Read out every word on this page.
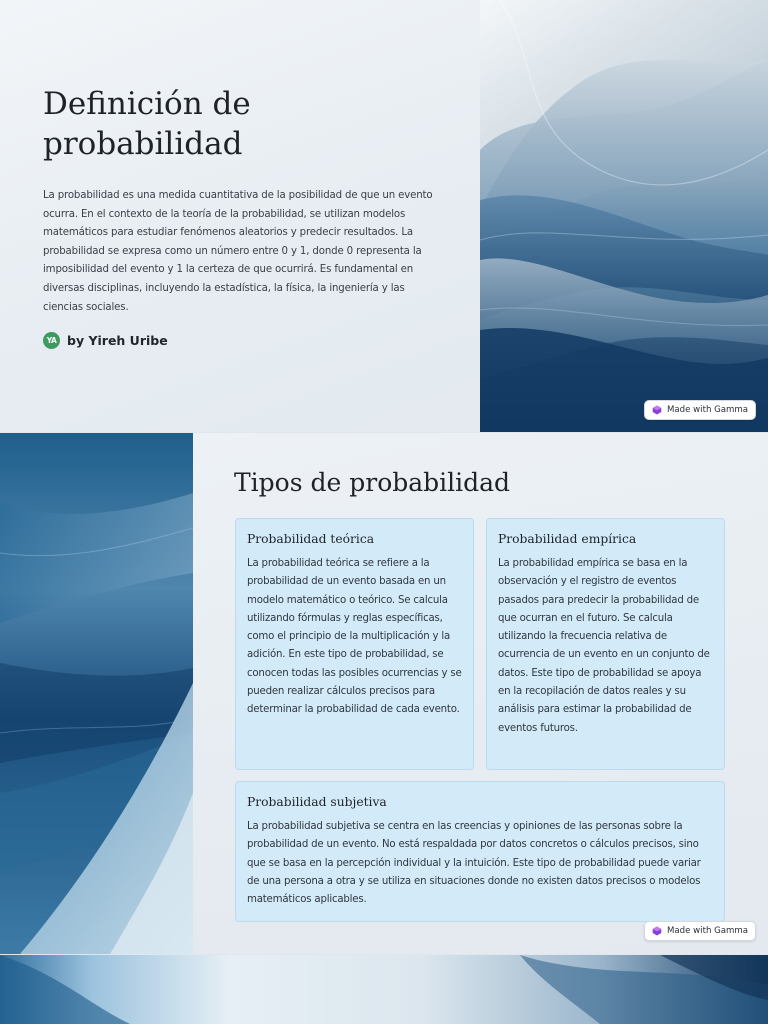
Definición de probabilidad

La probabilidad es una medida cuantitativa de la posibilidad de que un evento ocurra. En el contexto de la teoría de la probabilidad, se utilizan modelos matemáticos para estudiar fenómenos aleatorios y predecir resultados. La probabilidad se expresa como un número entre 0 y 1, donde 0 representa la imposibilidad del evento y 1 la certeza de que ocurrirá. Es fundamental en diversas disciplinas, incluyendo la estadística, la física, la ingeniería y las ciencias sociales.

YA by Yireh Uribe
Made with Gamma
Tipos de probabilidad
Probabilidad teórica
La probabilidad teórica se refiere a la probabilidad de un evento basada en un modelo matemático o teórico. Se calcula utilizando fórmulas y reglas específicas, como el principio de la multiplicación y la adición. En este tipo de probabilidad, se conocen todas las posibles ocurrencias y se pueden realizar cálculos precisos para determinar la probabilidad de cada evento.
Probabilidad empírica
La probabilidad empírica se basa en la observación y el registro de eventos pasados para predecir la probabilidad de que ocurran en el futuro. Se calcula utilizando la frecuencia relativa de ocurrencia de un evento en un conjunto de datos. Este tipo de probabilidad se apoya en la recopilación de datos reales y su análisis para estimar la probabilidad de eventos futuros.
Probabilidad subjetiva
La probabilidad subjetiva se centra en las creencias y opiniones de las personas sobre la probabilidad de un evento. No está respaldada por datos concretos o cálculos precisos, sino que se basa en la percepción individual y la intuición. Este tipo de probabilidad puede variar de una persona a otra y se utiliza en situaciones donde no existen datos precisos o modelos matemáticos aplicables.
Made with Gamma
